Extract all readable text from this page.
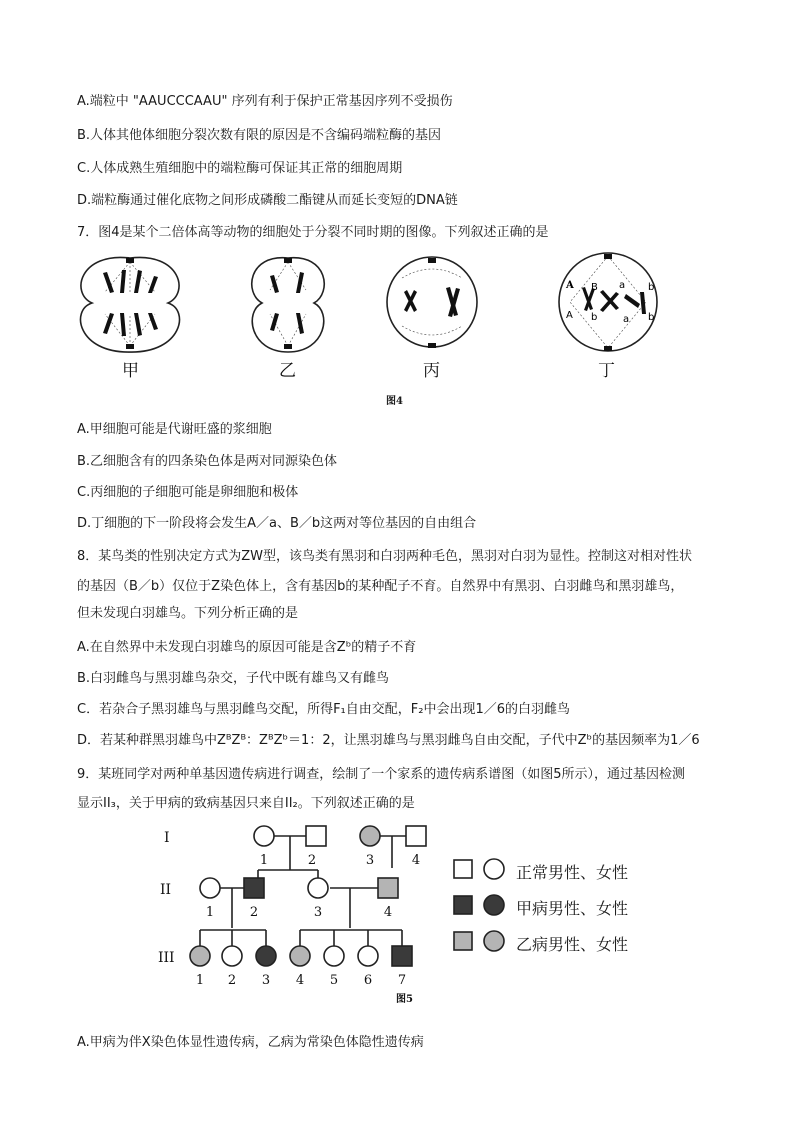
A.端粒中 "AAUCCCAAU" 序列有利于保护正常基因序列不受损伤
B.人体其他体细胞分裂次数有限的原因是不含编码端粒酶的基因
C.人体成熟生殖细胞中的端粒酶可保证其正常的细胞周期
D.端粒酶通过催化底物之间形成磷酸二酯键从而延长变短的DNA链
7．图4是某个二倍体高等动物的细胞处于分裂不同时期的图像。下列叙述正确的是
A B
A b
a
a
b
b
甲	乙	丙	丁
图4
A.甲细胞可能是代谢旺盛的浆细胞
B.乙细胞含有的四条染色体是两对同源染色体
C.丙细胞的子细胞可能是卵细胞和极体
D.丁细胞的下一阶段将会发生A／a、B／b这两对等位基因的自由组合
8．某鸟类的性别决定方式为ZW型，该鸟类有黑羽和白羽两种毛色，黑羽对白羽为显性。控制这对相对性状
的基因（B／b）仅位于Z染色体上，含有基因b的某种配子不育。自然界中有黑羽、白羽雌鸟和黑羽雄鸟，
但未发现白羽雄鸟。下列分析正确的是
A.在自然界中未发现白羽雄鸟的原因可能是含Zᵇ的精子不育
B.白羽雌鸟与黑羽雄鸟杂交，子代中既有雄鸟又有雌鸟
C．若杂合子黑羽雄鸟与黑羽雌鸟交配，所得F₁自由交配，F₂中会出现1／6的白羽雌鸟
D．若某种群黑羽雄鸟中ZᴮZᴮ：ZᴮZᵇ＝1：2，让黑羽雄鸟与黑羽雌鸟自由交配，子代中Zᵇ的基因频率为1／6
9．某班同学对两种单基因遗传病进行调查，绘制了一个家系的遗传病系谱图（如图5所示），通过基因检测
显示II₃，关于甲病的致病基因只来自II₂。下列叙述正确的是
I
II
III
1	2	3	4
1	2	3	4
1 2 3 4 5 6 7
图5
正常男性、女性
甲病男性、女性
乙病男性、女性
A.甲病为伴X染色体显性遗传病，乙病为常染色体隐性遗传病
